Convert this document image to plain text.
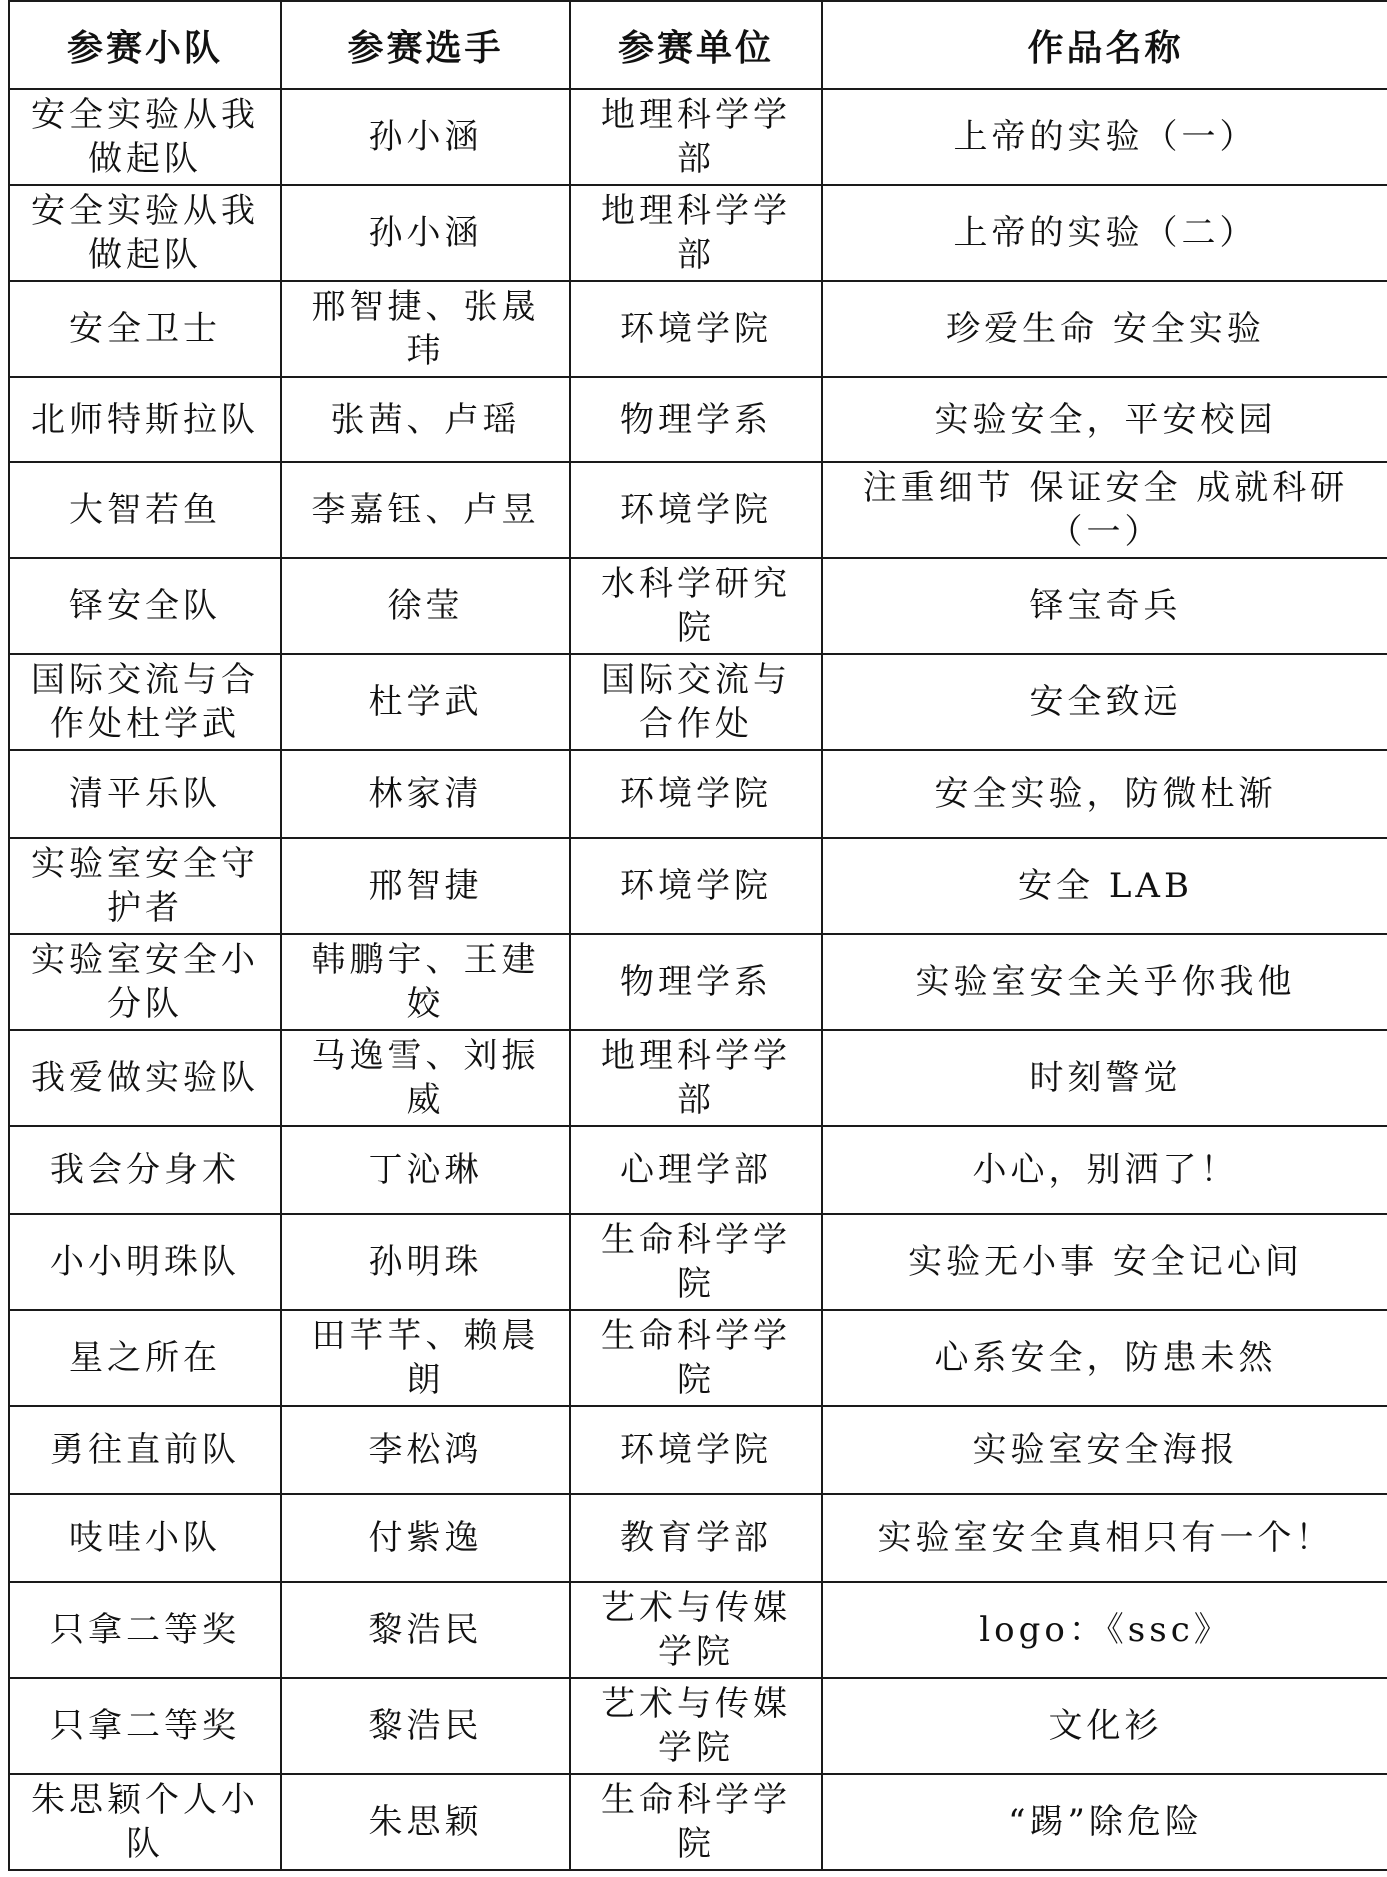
参赛小队	参赛选手	参赛单位	作品名称
安全实验从我做起队	孙小涵	地理科学学部	上帝的实验（一）
安全实验从我做起队	孙小涵	地理科学学部	上帝的实验（二）
安全卫士	邢智捷、张晟玮	环境学院	珍爱生命 安全实验
北师特斯拉队	张茜、卢瑶	物理学系	实验安全，平安校园
大智若鱼	李嘉钰、卢昱	环境学院	注重细节 保证安全 成就科研（一）
铎安全队	徐莹	水科学研究院	铎宝奇兵
国际交流与合作处杜学武	杜学武	国际交流与合作处	安全致远
清平乐队	林家清	环境学院	安全实验，防微杜渐
实验室安全守护者	邢智捷	环境学院	安全 LAB
实验室安全小分队	韩鹏宇、王建姣	物理学系	实验室安全关乎你我他
我爱做实验队	马逸雪、刘振威	地理科学学部	时刻警觉
我会分身术	丁沁琳	心理学部	小心，别洒了！
小小明珠队	孙明珠	生命科学学院	实验无小事 安全记心间
星之所在	田芊芊、赖晨朗	生命科学学院	心系安全，防患未然
勇往直前队	李松鸿	环境学院	实验室安全海报
吱哇小队	付紫逸	教育学部	实验室安全真相只有一个！
只拿二等奖	黎浩民	艺术与传媒学院	logo：《ssc》
只拿二等奖	黎浩民	艺术与传媒学院	文化衫
朱思颖个人小队	朱思颖	生命科学学院	“踢”除危险
